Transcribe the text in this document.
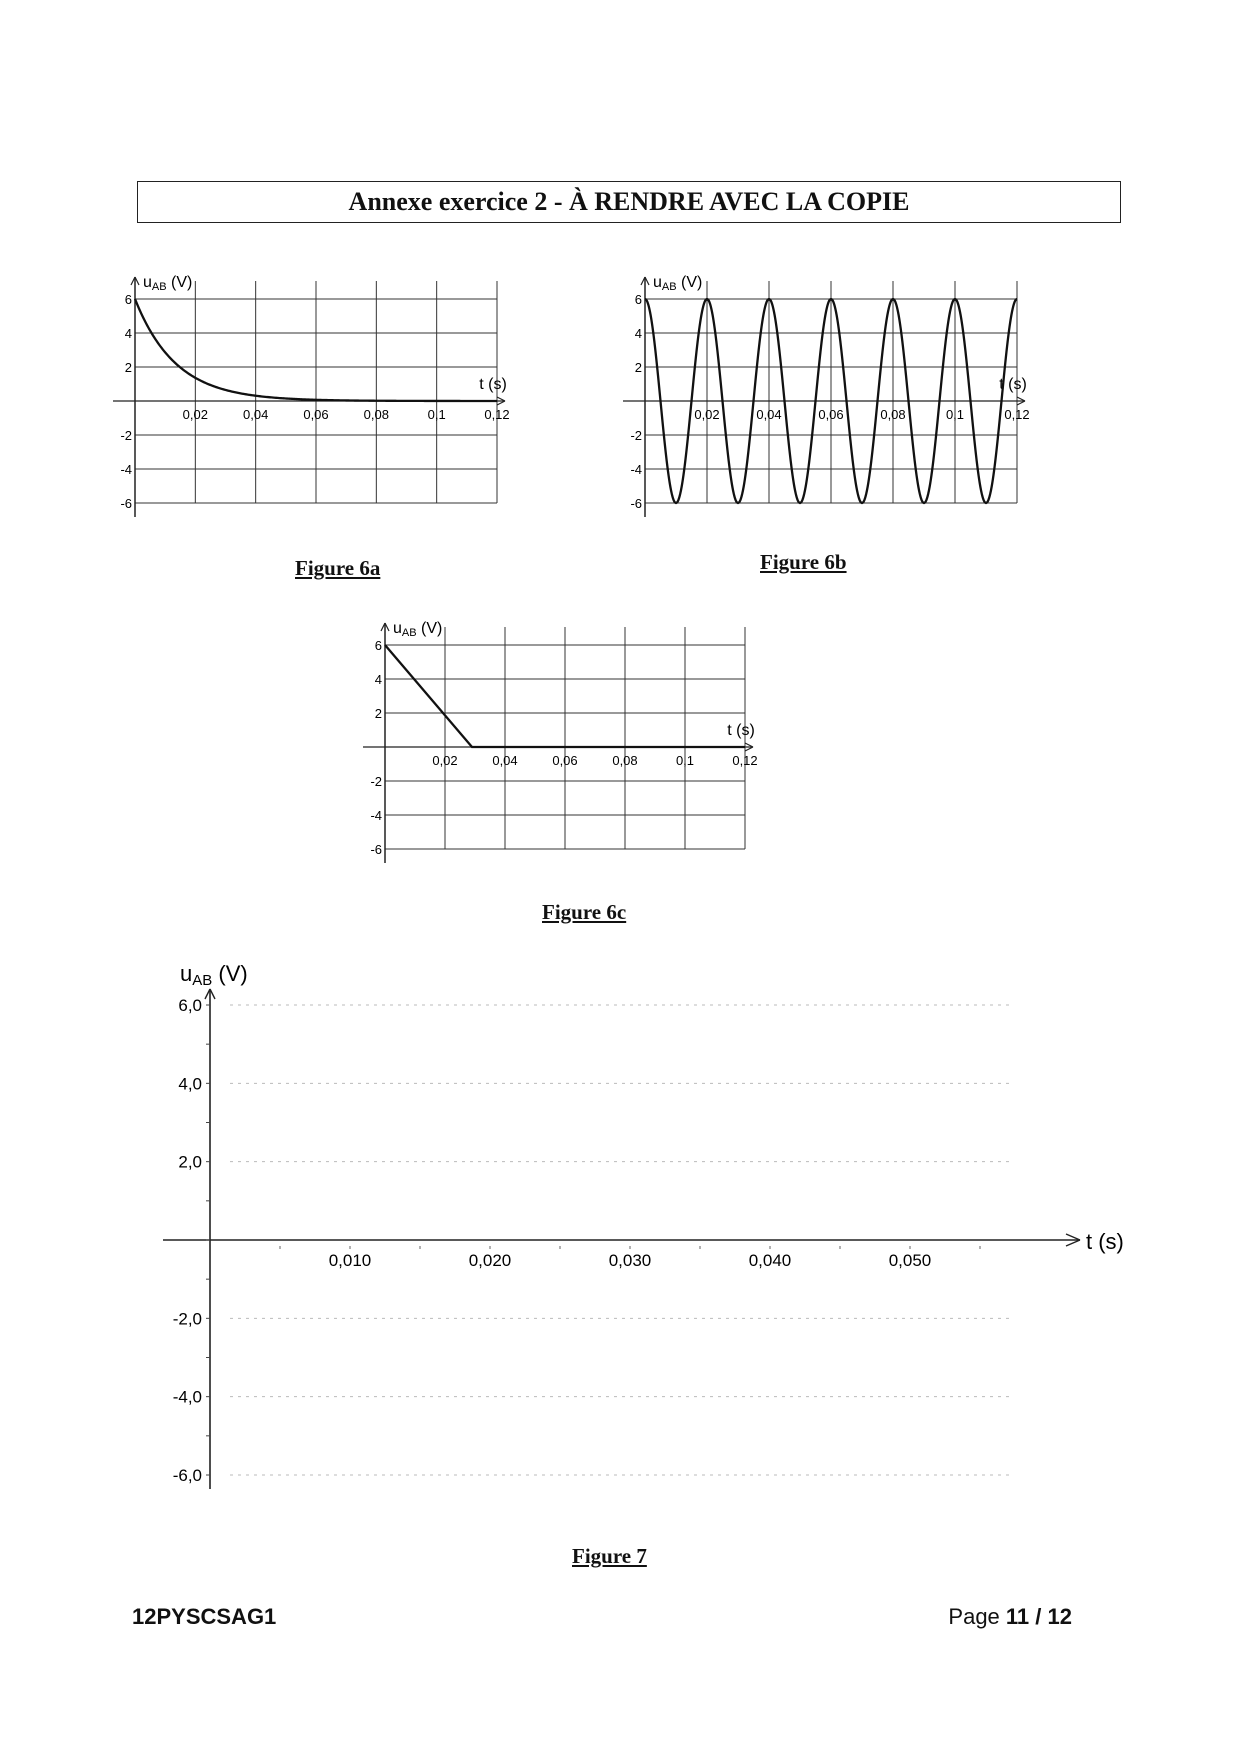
Annexe exercice 2 - À RENDRE AVEC LA COPIE
6
4
2
-2
-4
-6
0,02	0,04	0,06	0,08	0,1	0,12
uAB (V)
t (s)
Figure 6a
6
4
2
-2
-4
-6
0,02	0,04	0,06	0,08	0,1	0,12
uAB (V)
t (s)
Figure 6b
6
4
2
-2
-4
-6
0,02	0,04	0,06	0,08	0,1	0,12
uAB (V)
t (s)
Figure 6c
6,0
4,0
2,0
-2,0
-4,0
-6,0
0,010	0,020	0,030	0,040	0,050
uAB (V)
t (s)
Figure 7
12PYSCSAG1	Page 11 / 12
